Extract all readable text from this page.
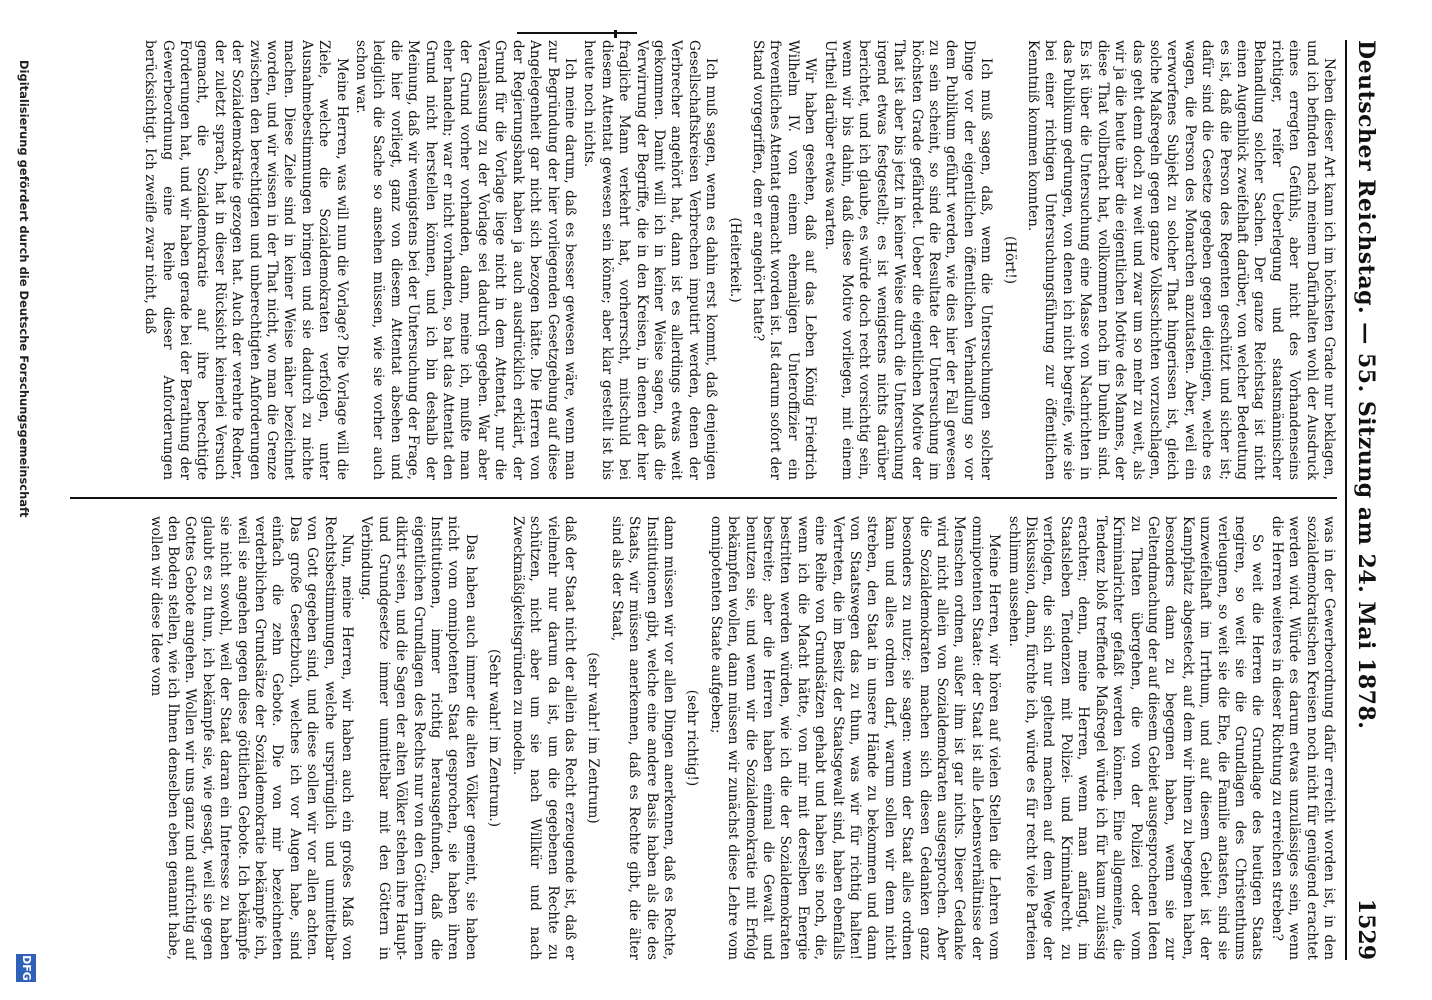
Deutscher Reichstag. — 55. Sitzung am 24. Mai 1878.
1529

Neben dieser Art kann ich im höchsten Grade nur beklagen, und ich befinden nach meinem Dafürhalten wohl der Ausdruck eines erregten Gefühls, aber nicht des Vorhandenseins richtiger, reifer Ueberlegung und staatsmännischer Behandlung solcher Sachen. Der ganze Reichstag ist nicht einen Augenblick zweifelhaft darüber, von welcher Bedeutung es ist, daß die Person des Regenten geschützt und sicher ist; dafür sind die Gesetze gegeben gegen diejenigen, welche es wagen, die Person des Monarchen anzutasten. Aber, weil ein verworfenes Subjekt zu solcher That hingerissen ist, gleich solche Maßregeln gegen ganze Volksschichten vorzuschlagen, das geht denn doch zu weit und zwar um so mehr zu weit, als wir ja die heute über die eigentlichen Motive des Mannes, der diese That vollbracht hat, vollkommen noch im Dunkeln sind. Es ist über die Untersuchung eine Masse von Nachrichten in das Publikum gedrungen, von denen ich nicht begreife, wie sie bei einer richtigen Untersuchungsführung zur öffentlichen Kenntniß kommen konnten.

(Hört!)

Ich muß sagen, daß, wenn die Untersuchungen solcher Dinge vor der eigentlichen öffentlichen Verhandlung so vor dem Publikum geführt werden, wie dies hier der Fall gewesen zu sein scheint, so sind die Resultate der Untersuchung im höchsten Grade gefährdet. Ueber die eigentlichen Motive der That ist aber bis jetzt in keiner Weise durch die Untersuchung irgend etwas festgestellt; es ist wenigstens nichts darüber berichtet, und ich glaube, es würde doch recht vorsichtig sein, wenn wir bis dahin, daß diese Motive vorliegen, mit einem Urtheil darüber etwas warten.

Wir haben gesehen, daß auf das Leben König Friedrich Wilhelm IV. von einem ehemaligen Unteroffizier ein freventliches Attentat gemacht worden ist. Ist darum sofort der Stand vorgegriffen, dem er angehört hatte?

(Heiterkeit.)

Ich muß sagen, wenn es dahin erst kommt, daß denjenigen Gesellschaftskreisen Verbrechen imputirt werden, denen der Verbrecher angehört hat, dann ist es allerdings etwas weit gekommen. Damit will ich in keiner Weise sagen, daß die Verwirrung der Begriffe, die in den Kreisen, in denen der hier fragliche Mann verkehrt hat, vorherrscht, mitschuld bei diesem Attentat gewesen sein könne; aber klar gestellt ist bis heute noch nichts.

Ich meine darum, daß es besser gewesen wäre, wenn man zur Begründung der hier vorliegenden Gesetzgebung auf diese Angelegenheit gar nicht sich bezogen hätte. Die Herren von der Regierungsbank haben ja auch ausdrücklich erklärt, der Grund für die Vorlage liege nicht in dem Attentat, nur die Veranlassung zu der Vorlage sei dadurch gegeben. War aber der Grund vorher vorhanden, dann, meine ich, mußte man eher handeln; war er nicht vorhanden, so hat das Attentat den Grund nicht herstellen können, und ich bin deshalb der Meinung, daß wir wenigstens bei der Untersuchung der Frage, die hier vorliegt, ganz von diesem Attentat absehen und lediglich die Sache so ansehen müssen, wie sie vorher auch schon war.

Meine Herren, was will nun die Vorlage? Die Vorlage will die Ziele, welche die Sozialdemokraten verfolgen, unter Ausnahmebestimmungen bringen und sie dadurch zu nichte machen. Diese Ziele sind in keiner Weise näher bezeichnet worden, und wir wissen in der That nicht, wo man die Grenze zwischen den berechtigten und unberechtigten Anforderungen der Sozialdemokratie gezogen hat. Auch der verehrte Redner, der zuletzt sprach, hat in dieser Rücksicht keinerlei Versuch gemacht, die Sozialdemokratie auf ihre berechtigte Forderungen hat, und wir haben gerade bei der Berathung der Gewerbeordnung eine Reihe dieser Anforderungen berücksichtigt. Ich zweifle zwar nicht, daß

was in der Gewerbeordnung dafür erreicht worden ist, in den sozialdemokratischen Kreisen noch nicht für genügend erachtet werden wird. Würde es darum etwas unzulässiges sein, wenn die Herren weiteres in dieser Richtung zu erreichen streben?

So weit die Herren die Grundlage des heutigen Staats negiren, so weit sie die Grundlagen des Christenthums verleugnen, so weit sie die Ehe, die Familie antasten, sind sie unzweifelhaft im Irrthum, und auf diesem Gebiet ist der Kampfplatz abgesteckt, auf dem wir ihnen zu begegnen haben, besonders dann zu begegnen haben, wenn sie zur Geltendmachung der auf diesem Gebiet ausgesprochenen Ideen zu Thaten übergehen, die von der Polizei oder vom Kriminalrichter gefaßt werden können. Eine allgemeine, die Tendenz bloß treffende Maßregel würde ich für kaum zulässig erachten; denn, meine Herren, wenn man anfängt, im Staatsleben Tendenzen mit Polizei- und Kriminalrecht zu verfolgen, die sich nur geltend machen auf dem Wege der Diskussion, dann, fürchte ich, würde es für recht viele Parteien schlimm aussehen.

Meine Herren, wir hören auf vielen Stellen die Lehren vom omnipotenten Staate: der Staat ist alle Lebensverhältnisse der Menschen ordnen, außer ihm ist gar nichts. Dieser Gedanke wird nicht allein von Sozialdemokraten ausgesprochen. Aber die Sozialdemokraten machen sich diesen Gedanken ganz besonders zu nutze; sie sagen: wenn der Staat alles ordnen kann und alles ordnen darf, warum sollen wir denn nicht streben, den Staat in unsere Hände zu bekommen und dann von Staatswegen das zu thun, was wir für richtig halten! Vertreten, die im Besitz der Staatsgewalt sind, haben ebenfalls eine Reihe von Grundsätzen gehabt und haben sie noch, die, wenn ich die Macht hätte, von mir mit derselben Energie bestritten werden würden, wie ich die der Sozialdemokraten bestreite; aber die Herren haben einmal die Gewalt und benutzen sie, und wenn wir die Sozialdemokratie mit Erfolg bekämpfen wollen, dann müssen wir zunächst diese Lehre vom omnipotenten Staate aufgeben;

(sehr richtig!)

dann müssen wir vor allen Dingen anerkennen, daß es Rechte, Institutionen gibt, welche eine andere Basis haben als die des Staats, wir müssen anerkennen, daß es Rechte gibt, die älter sind als der Staat,

(sehr wahr! im Zentrum)

daß der Staat nicht der allein das Recht erzeugende ist, daß er vielmehr nur darum da ist, um die gegebenen Rechte zu schützen, nicht aber um sie nach Willkür und nach Zweckmäßigkeitsgründen zu modeln.

(Sehr wahr! im Zentrum.)

Das haben auch immer die alten Völker gemeint, sie haben nicht vom omnipotenten Staat gesprochen, sie haben ihren Institutionen, immer richtig herausgefunden, daß die eigentlichen Grundlagen des Rechts nur von den Göttern ihnen diktirt seien, und die Sagen der alten Völker stehen ihre Haupt- und Grundgesetze immer unmittelbar mit den Göttern in Verbindung.

Nun, meine Herren, wir haben auch ein großes Maß von Rechtsbestimmungen, welche ursprünglich und unmittelbar von Gott gegeben sind, und diese sollen wir vor allen achten. Das große Gesetzbuch, welches ich vor Augen habe, sind einfach die zehn Gebote. Die von mir bezeichneten verderblichen Grundsätze der Sozialdemokratie bekämpfe ich, weil sie angehen gegen diese göttlichen Gebote. Ich bekämpfe sie nicht sowohl, weil der Staat daran ein Interesse zu haben glaubt es zu thun, ich bekämpfe sie, wie gesagt, weil sie gegen Gottes Gebote angehen. Wollen wir uns ganz und aufrichtig auf den Boden stellen, wie ich Ihnen denselben eben genannt habe, wollen wir diese Idee vom

Digitalisierung gefördert durch die Deutsche Forschungsgemeinschaft
DFG
